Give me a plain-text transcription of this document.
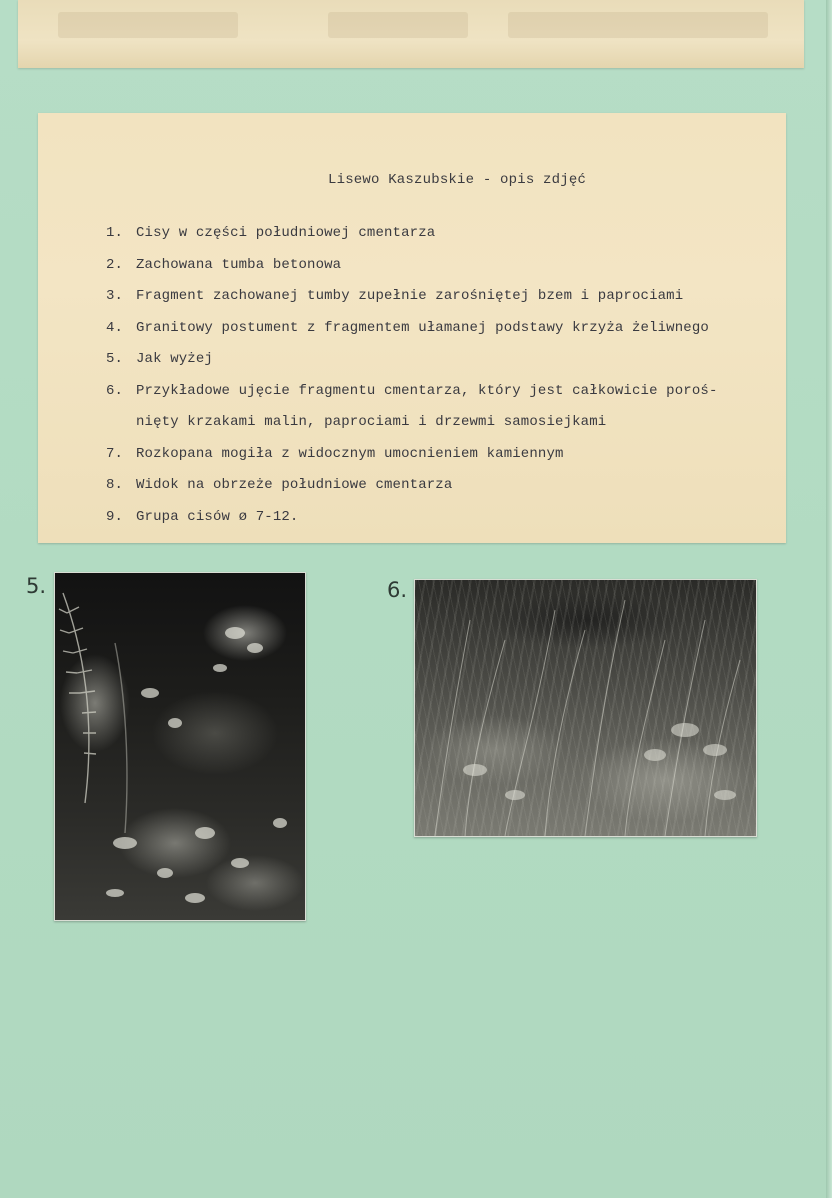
Lisewo Kaszubskie - opis zdjęć
1. Cisy w części południowej cmentarza
2. Zachowana tumba betonowa
3. Fragment zachowanej tumby zupełnie zarośniętej bzem i paprociami
4. Granitowy postument z fragmentem ułamanej podstawy krzyża żeliwnego
5. Jak wyżej
6. Przykładowe ujęcie fragmentu cmentarza, który jest całkowicie poroś-
nięty krzakami malin, paprociami i drzewmi samosiejkami
7. Rozkopana mogiła z widocznym umocnieniem kamiennym
8. Widok na obrzeże południowe cmentarza
9. Grupa cisów ø 7-12.
5.	6.
